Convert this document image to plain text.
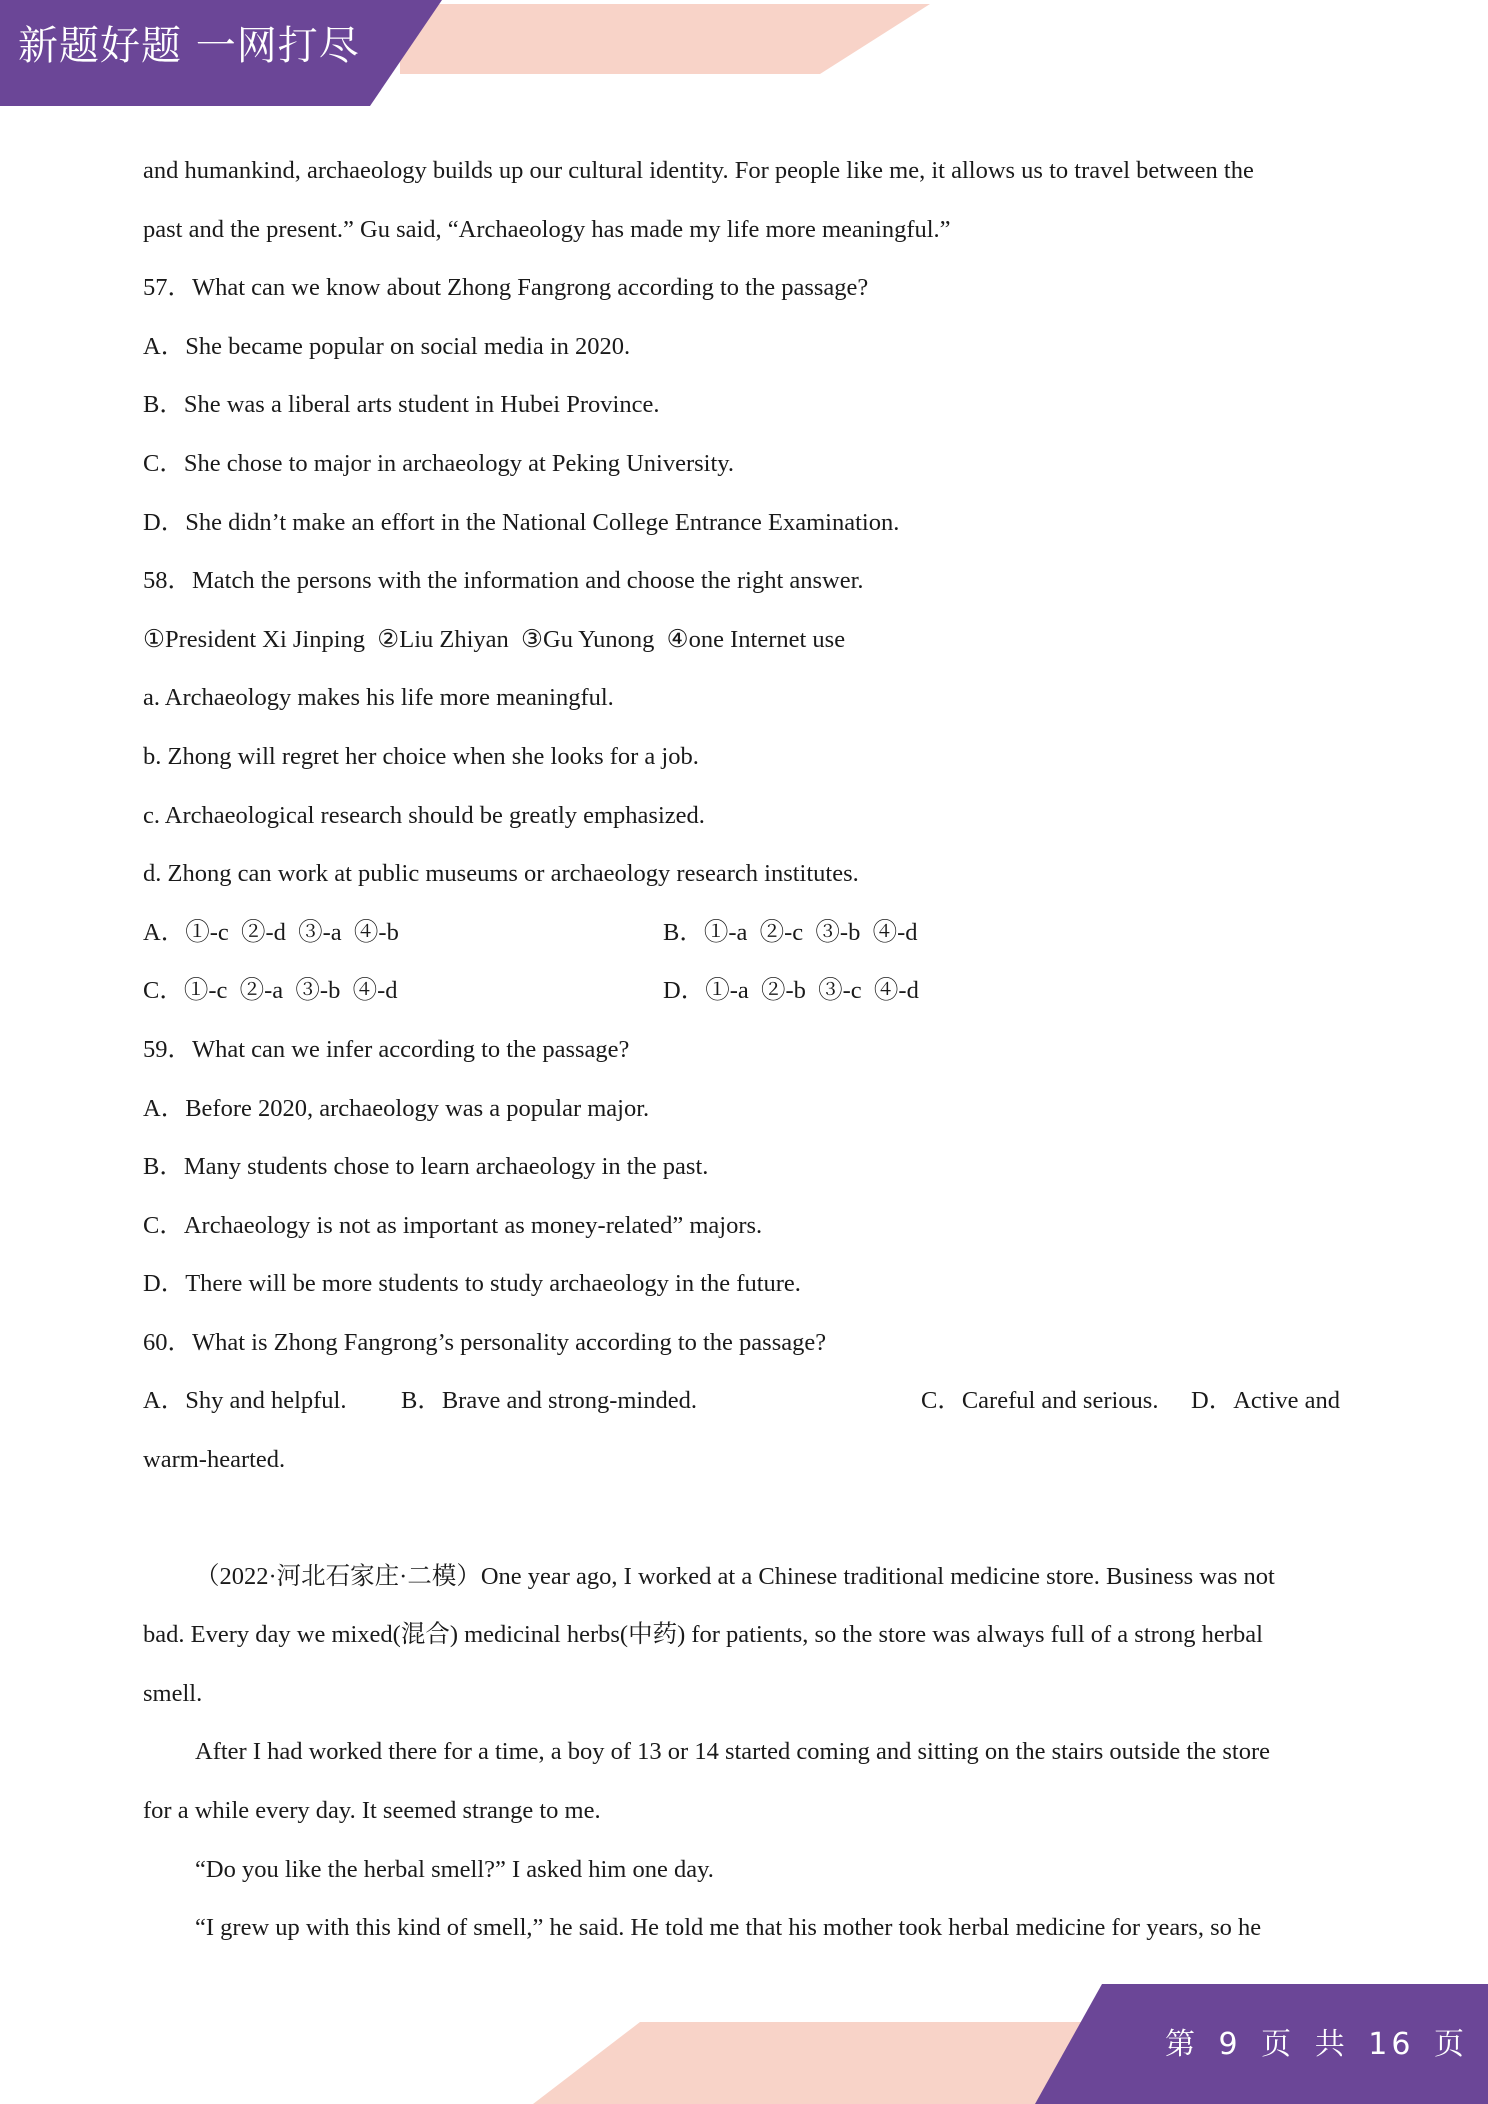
新题好题 一网打尽
and humankind, archaeology builds up our cultural identity. For people like me, it allows us to travel between the
past and the present.” Gu said, “Archaeology has made my life more meaningful.”
57．What can we know about Zhong Fangrong according to the passage?
A．She became popular on social media in 2020.
B．She was a liberal arts student in Hubei Province.
C．She chose to major in archaeology at Peking University.
D．She didn’t make an effort in the National College Entrance Examination.
58．Match the persons with the information and choose the right answer.
①President Xi Jinping  ②Liu Zhiyan  ③Gu Yunong  ④one Internet use
a. Archaeology makes his life more meaningful.
b. Zhong will regret her choice when she looks for a job.
c. Archaeological research should be greatly emphasized.
d. Zhong can work at public museums or archaeology research institutes.
A．①-c  ②-d  ③-a  ④-b	B．①-a  ②-c  ③-b  ④-d
C．①-c  ②-a  ③-b  ④-d	D．①-a  ②-b  ③-c  ④-d
59．What can we infer according to the passage?
A．Before 2020, archaeology was a popular major.
B．Many students chose to learn archaeology in the past.
C．Archaeology is not as important as money-related” majors.
D．There will be more students to study archaeology in the future.
60．What is Zhong Fangrong’s personality according to the passage?
A．Shy and helpful.	B．Brave and strong-minded.	C．Careful and serious.	D．Active and
warm-hearted.
（2022·河北石家庄·二模）One year ago, I worked at a Chinese traditional medicine store. Business was not
bad. Every day we mixed(混合) medicinal herbs(中药) for patients, so the store was always full of a strong herbal
smell.
After I had worked there for a time, a boy of 13 or 14 started coming and sitting on the stairs outside the store
for a while every day. It seemed strange to me.
“Do you like the herbal smell?” I asked him one day.
“I grew up with this kind of smell,” he said. He told me that his mother took herbal medicine for years, so he
第 9 页 共 16 页
